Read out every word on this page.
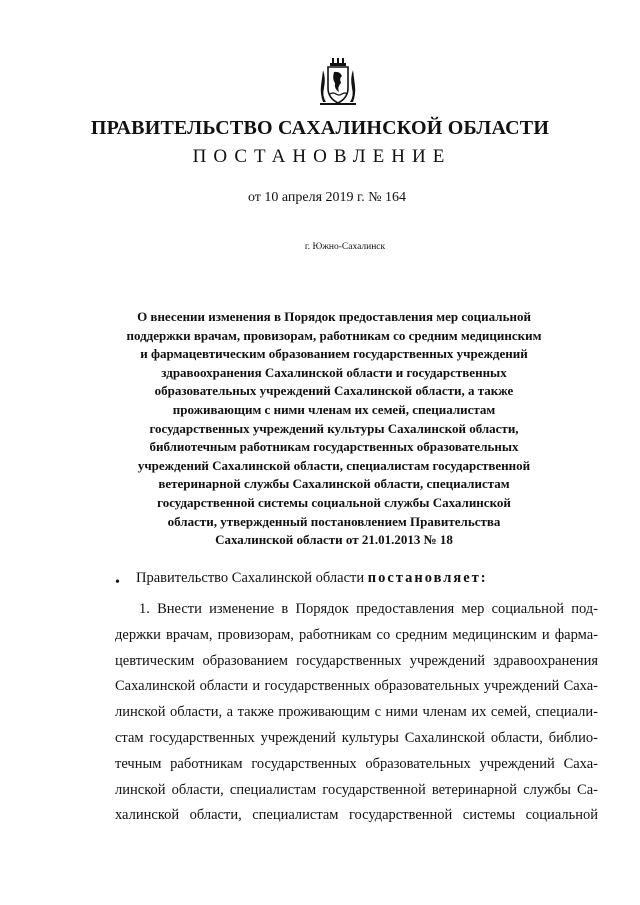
ПРАВИТЕЛЬСТВО САХАЛИНСКОЙ ОБЛАСТИ
ПОСТАНОВЛЕНИЕ
от 10 апреля 2019 г. № 164
г. Южно-Сахалинск
О внесении изменения в Порядок предоставления мер социальной
поддержки врачам, провизорам, работникам со средним медицинским
и фармацевтическим образованием государственных учреждений
здравоохранения Сахалинской области и государственных
образовательных учреждений Сахалинской области, а также
проживающим с ними членам их семей, специалистам
государственных учреждений культуры Сахалинской области,
библиотечным работникам государственных образовательных
учреждений Сахалинской области, специалистам государственной
ветеринарной службы Сахалинской области, специалистам
государственной системы социальной службы Сахалинской
области, утвержденный постановлением Правительства
Сахалинской области от 21.01.2013 № 18
• Правительство Сахалинской области постановляет:
1. Внести изменение в Порядок предоставления мер социальной под-
держки врачам, провизорам, работникам со средним медицинским и фарма-
цевтическим образованием государственных учреждений здравоохранения
Сахалинской области и государственных образовательных учреждений Саха-
линской области, а также проживающим с ними членам их семей, специали-
стам государственных учреждений культуры Сахалинской области, библио-
течным работникам государственных образовательных учреждений Саха-
линской области, специалистам государственной ветеринарной службы Са-
халинской области, специалистам государственной системы социальной
